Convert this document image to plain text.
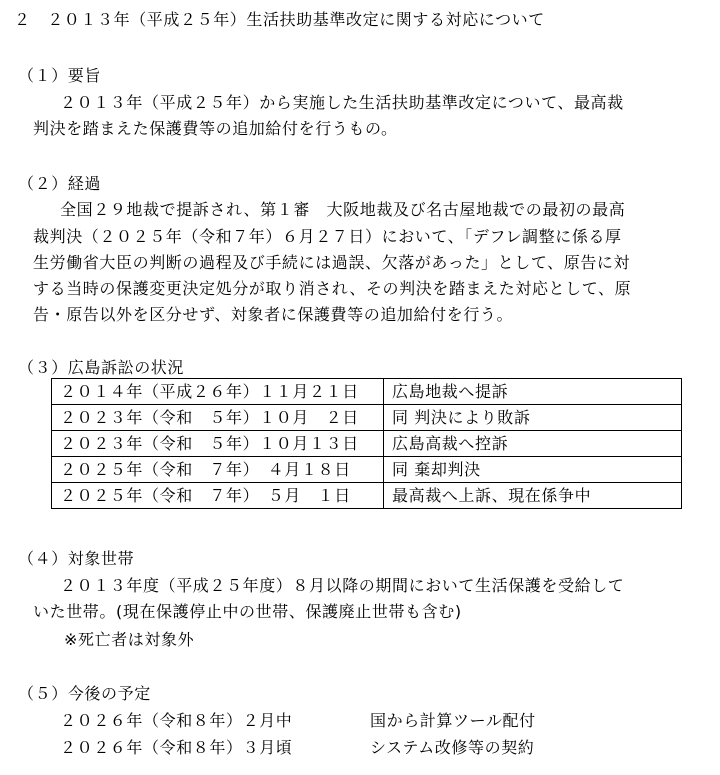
２　２０１３年（平成２５年）生活扶助基準改定に関する対応について
（１）要旨
２０１３年（平成２５年）から実施した生活扶助基準改定について、最高裁
判決を踏まえた保護費等の追加給付を行うもの。
（２）経過
全国２９地裁で提訴され、第１審　大阪地裁及び名古屋地裁での最初の最高
裁判決（２０２５年（令和７年）６月２７日）において、「デフレ調整に係る厚
生労働省大臣の判断の過程及び手続には過誤、欠落があった」として、原告に対
する当時の保護変更決定処分が取り消され、その判決を踏まえた対応として、原
告・原告以外を区分せず、対象者に保護費等の追加給付を行う。
（３）広島訴訟の状況
２０１４年（平成２６年）１１月２１日	広島地裁へ提訴
２０２３年（令和　５年）１０月　２日	同 判決により敗訴
２０２３年（令和　５年）１０月１３日	広島高裁へ控訴
２０２５年（令和　７年）　４月１８日	同 棄却判決
２０２５年（令和　７年）　５月　１日	最高裁へ上訴、現在係争中
（４）対象世帯
２０１３年度（平成２５年度）８月以降の期間において生活保護を受給して
いた世帯。(現在保護停止中の世帯、保護廃止世帯も含む)
※死亡者は対象外
（５）今後の予定
２０２６年（令和８年）２月中	国から計算ツール配付
２０２６年（令和８年）３月頃	システム改修等の契約
